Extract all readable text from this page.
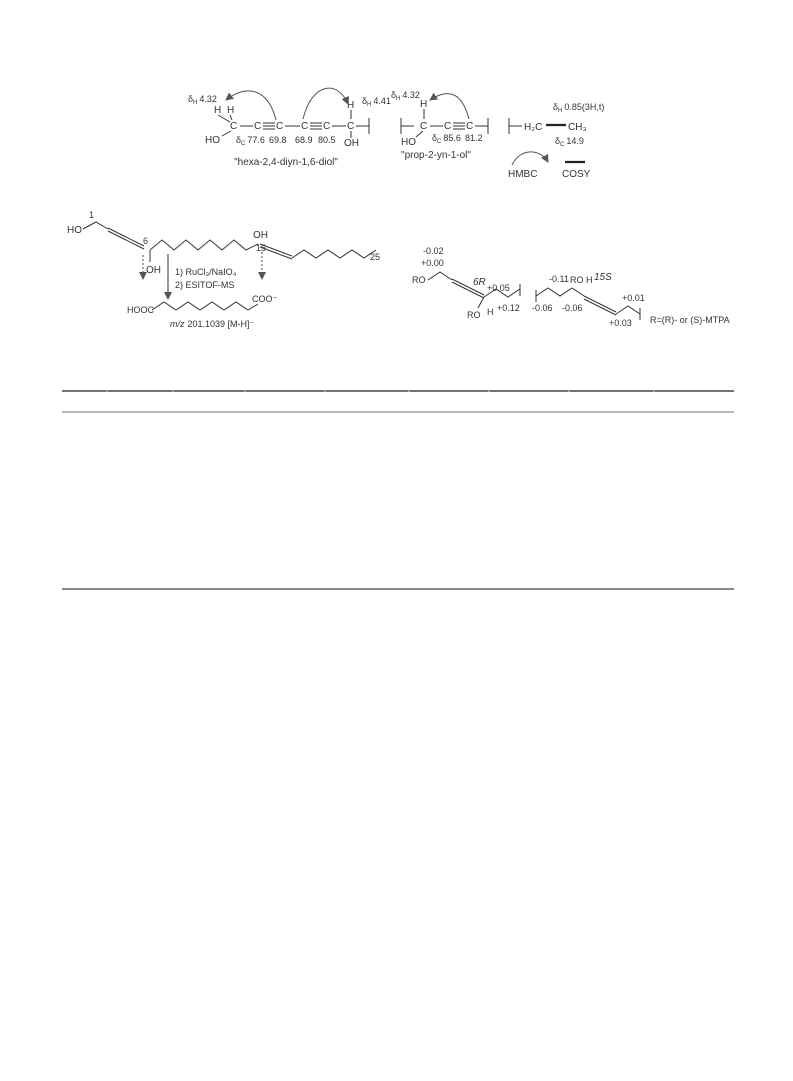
$\delta_H$ 4.32
H H
C
HO
C C C C C
H
OH
$\delta_C$ 77.6 69.8 68.9 80.5
$\delta_H$ 4.41
"hexa-2,4-diyn-1,6-diol"
$\delta_H$ 4.32
H
C
HO
C C
$\delta_C$ 85.6 81.2
"prop-2-yn-1-ol"
H₂C	CH₃
$\delta_H$ 0.85(3H,t)
$\delta_C$ 14.9
HMBC COSY
1
HO
6
OH
OH
15
25
1) RuCl₃/NaIO₄
2) ESITOF-MS
HOOC
COO⁻
m/z 201.1039 [M-H]⁻
-0.02
+0.00
RO	6R +0.05
RO H +0.12 -0.06 -0.06
-0.11 RO H 15S
+0.01
+0.03 R=(R)- or (S)-MTPA
